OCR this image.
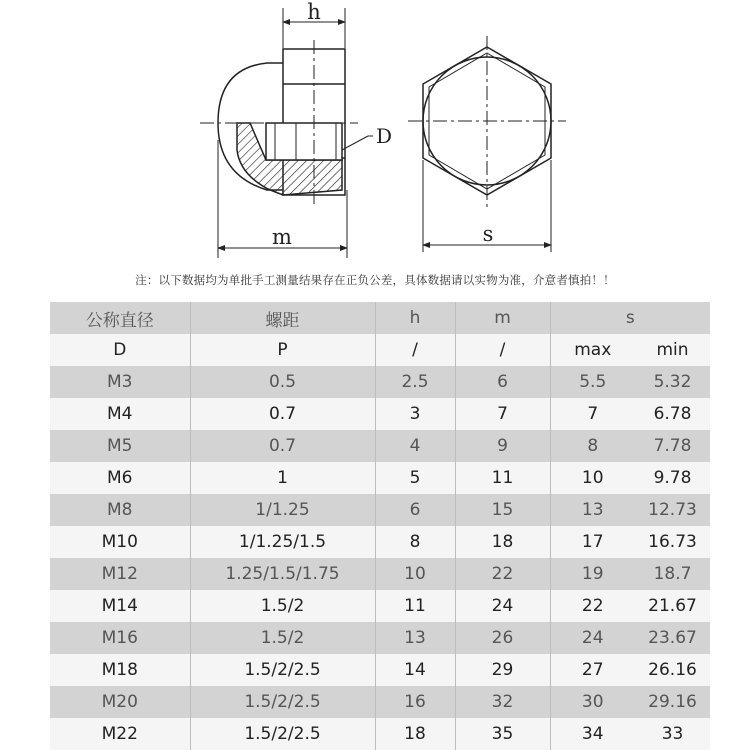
h
m
D
s
注：以下数据均为单批手工测量结果存在正负公差，具体数据请以实物为准，介意者慎拍！！
公称直径	螺距	h	m	s	
D	P	/	/	max	min
M3	0.5	2.5	6	5.5	5.32
M4	0.7	3	7	7	6.78
M5	0.7	4	9	8	7.78
M6	1	5	11	10	9.78
M8	1/1.25	6	15	13	12.73
M10	1/1.25/1.5	8	18	17	16.73
M12	1.25/1.5/1.75	10	22	19	18.7
M14	1.5/2	11	24	22	21.67
M16	1.5/2	13	26	24	23.67
M18	1.5/2/2.5	14	29	27	26.16
M20	1.5/2/2.5	16	32	30	29.16
M22	1.5/2/2.5	18	35	34	33
